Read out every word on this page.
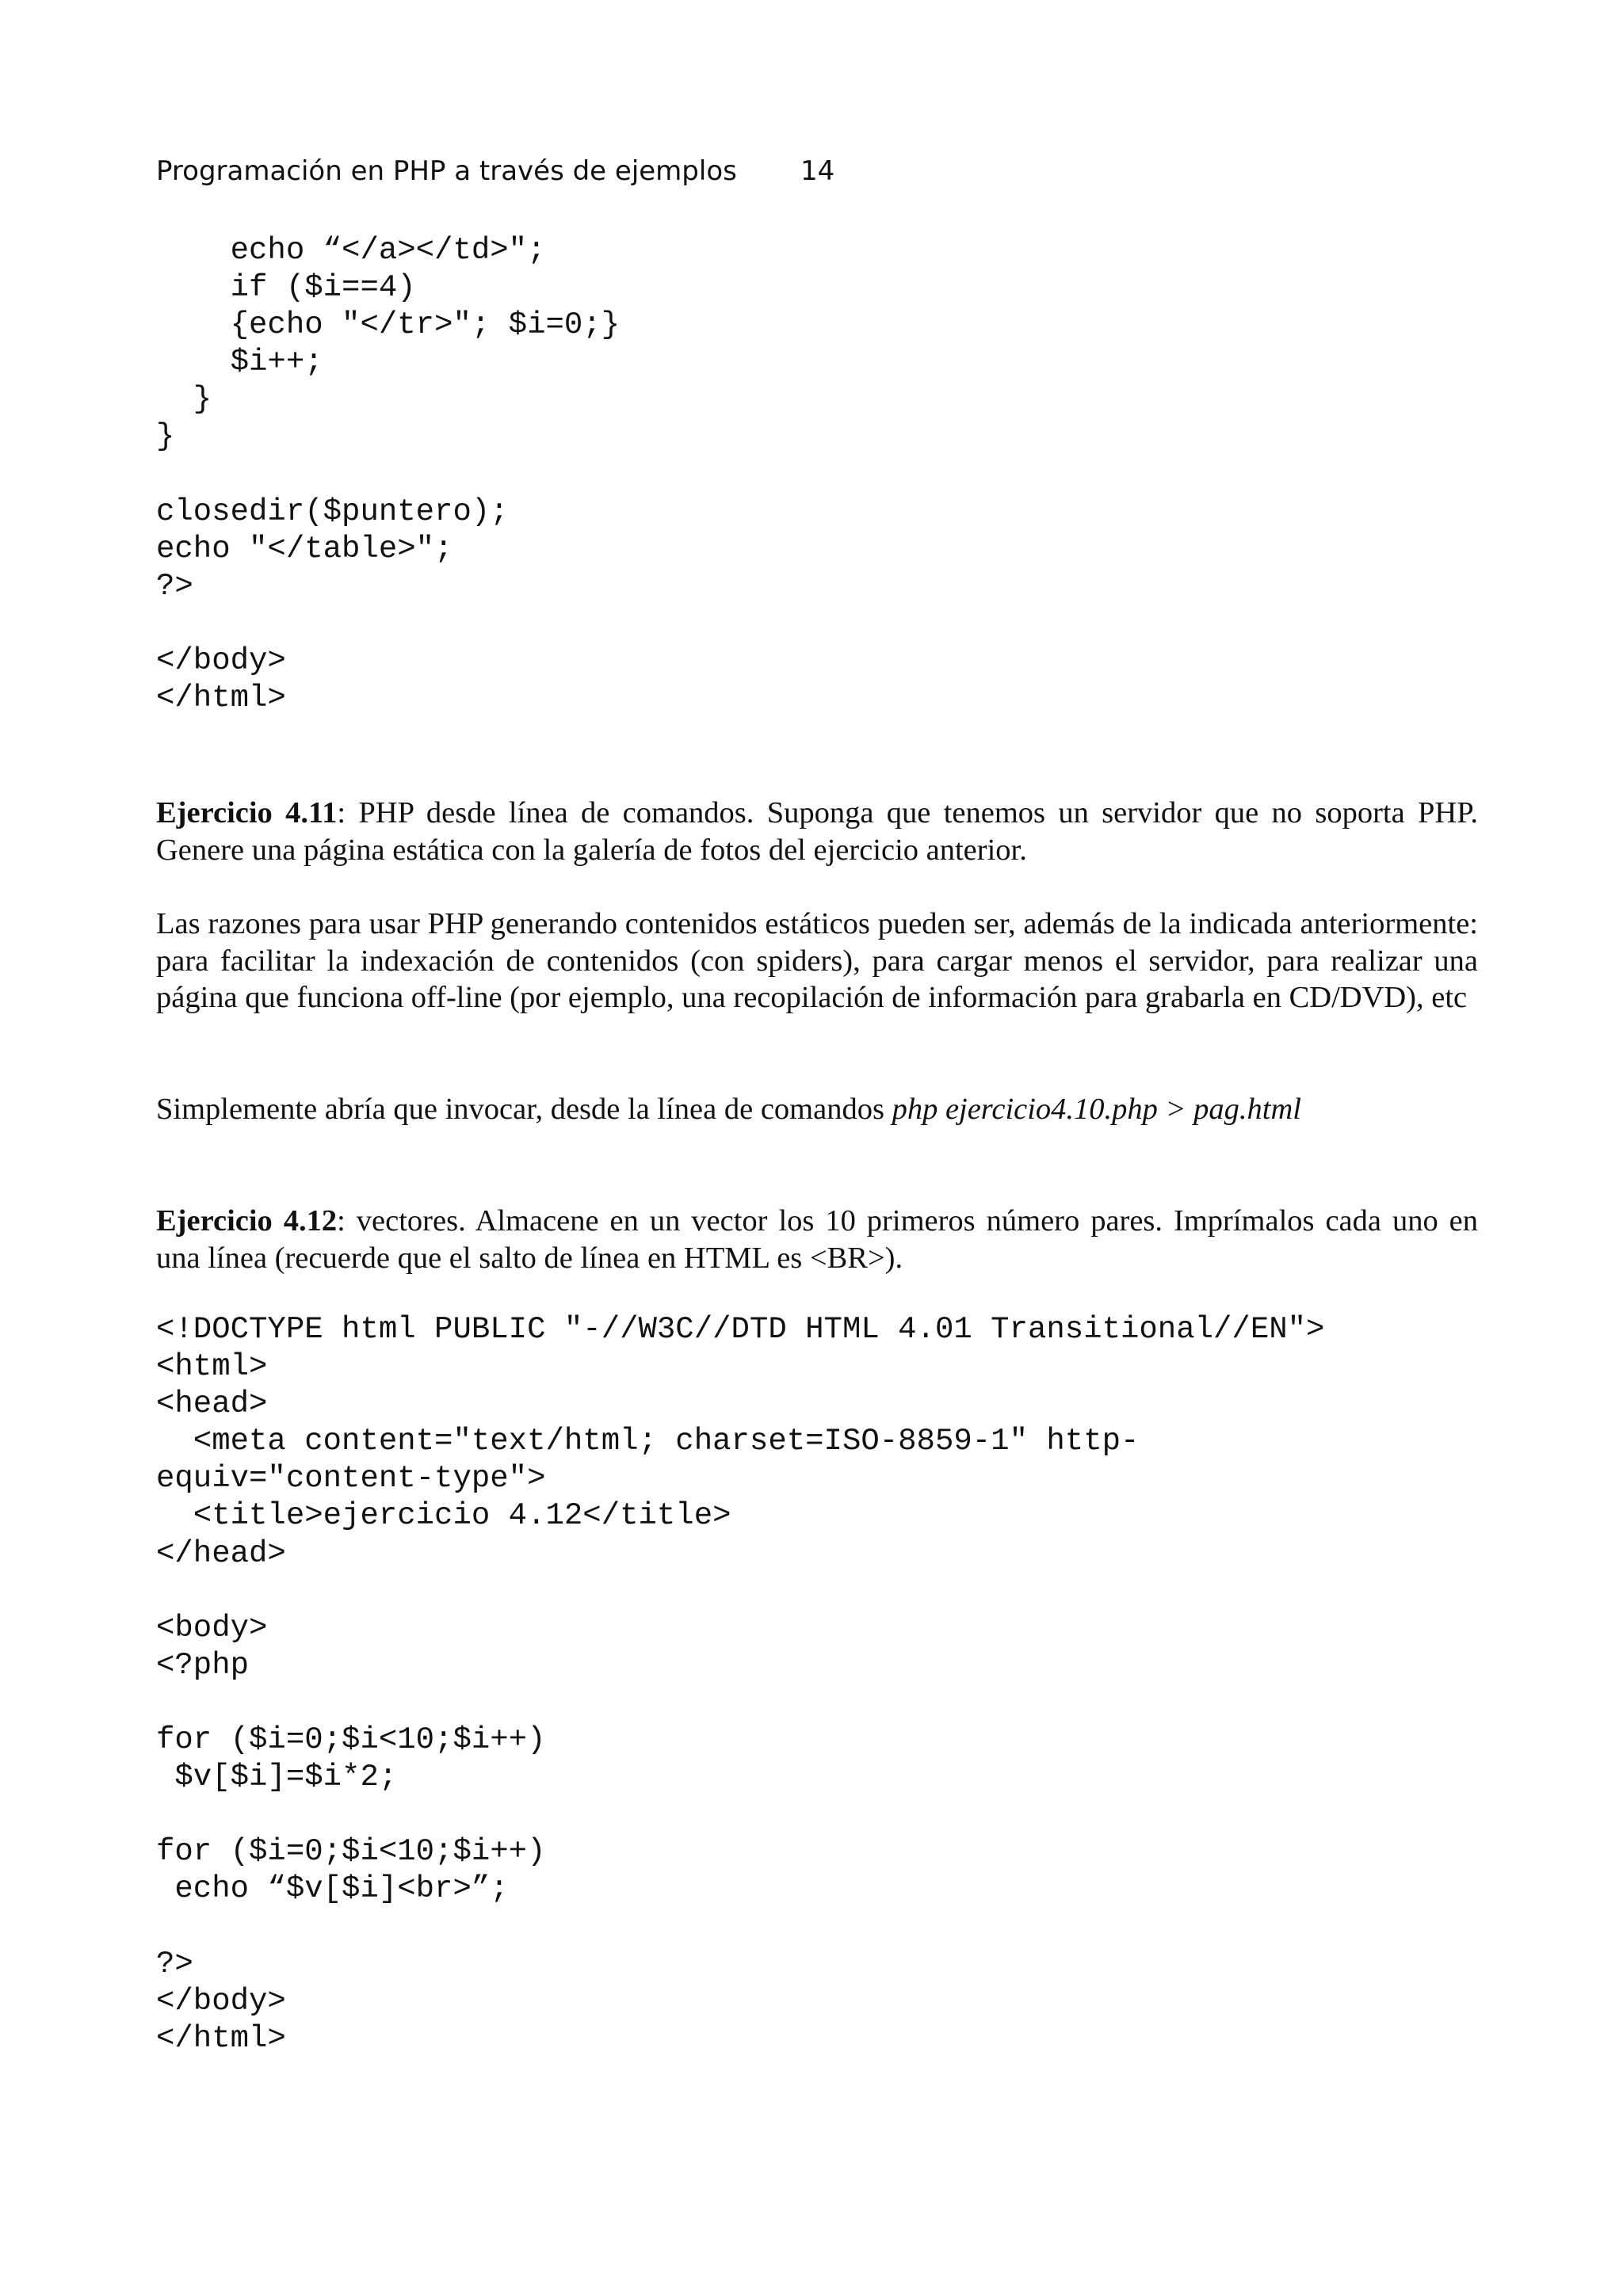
Programación en PHP a través de ejemplos 14
echo “</a></td>";
if ($i==4)
{echo "</tr>"; $i=0;}
$i++;
}
}

closedir($puntero);
echo "</table>";
?>

</body>
</html>

Ejercicio 4.11: PHP desde línea de comandos. Suponga que tenemos un servidor que no soporta PHP. Genere una página estática con la galería de fotos del ejercicio anterior.

Las razones para usar PHP generando contenidos estáticos pueden ser, además de la indicada anteriormente: para facilitar la indexación de contenidos (con spiders), para cargar menos el servidor, para realizar una página que funciona off-line (por ejemplo, una recopilación de información para grabarla en CD/DVD), etc

Simplemente abría que invocar, desde la línea de comandos php ejercicio4.10.php > pag.html

Ejercicio 4.12: vectores. Almacene en un vector los 10 primeros número pares. Imprímalos cada uno en una línea (recuerde que el salto de línea en HTML es <BR>).

<!DOCTYPE html PUBLIC "-//W3C//DTD HTML 4.01 Transitional//EN">
<html>
<head>
<meta content="text/html; charset=ISO-8859-1" http-
equiv="content-type">
<title>ejercicio 4.12</title>
</head>

<body>
<?php

for ($i=0;$i<10;$i++)
$v[$i]=$i*2;

for ($i=0;$i<10;$i++)
echo “$v[$i]<br>”;

?>
</body>
</html>
